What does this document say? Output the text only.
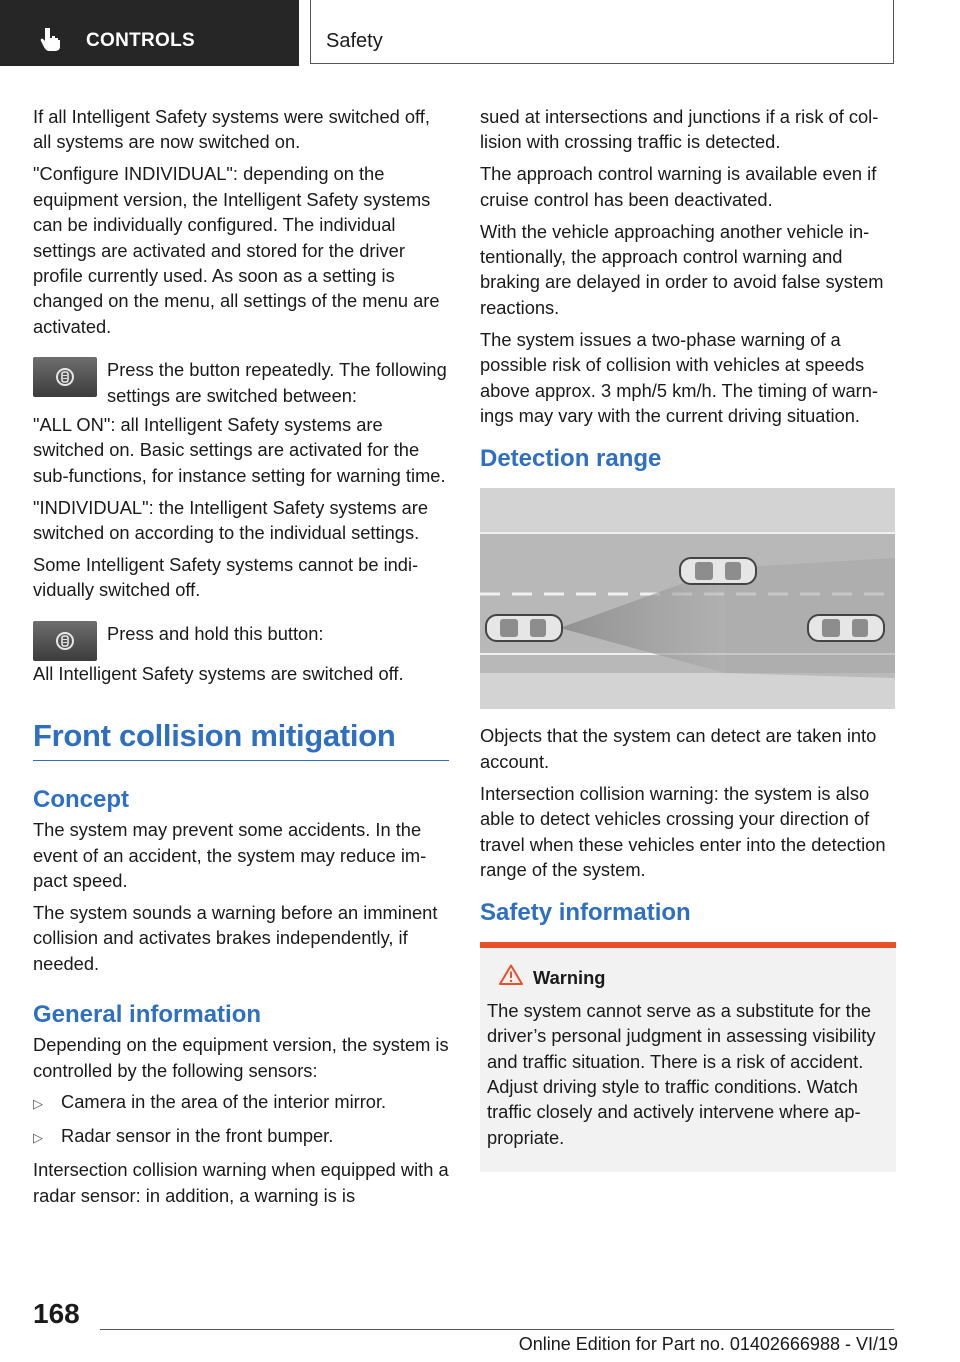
CONTROLS	Safety

If all Intelligent Safety systems were switched off, all systems are now switched on.

"Configure INDIVIDUAL": depending on the equipment version, the Intelligent Safety systems can be individually configured. The individual settings are activated and stored for the driver profile currently used. As soon as a setting is changed on the menu, all settings of the menu are activated.

Press the button repeatedly. The following settings are switched between:

"ALL ON": all Intelligent Safety systems are switched on. Basic settings are activated for the sub-functions, for instance setting for warning time.

"INDIVIDUAL": the Intelligent Safety systems are switched on according to the individual settings.

Some Intelligent Safety systems cannot be individually switched off.

Press and hold this button:

All Intelligent Safety systems are switched off.

Front collision mitigation
Concept

The system may prevent some accidents. In the event of an accident, the system may reduce impact speed.

The system sounds a warning before an imminent collision and activates brakes independently, if needed.

General information

Depending on the equipment version, the system is controlled by the following sensors:

▷ Camera in the area of the interior mirror.
▷ Radar sensor in the front bumper.

Intersection collision warning when equipped with a radar sensor: in addition, a warning is is

sued at intersections and junctions if a risk of collision with crossing traffic is detected.

The approach control warning is available even if cruise control has been deactivated.

With the vehicle approaching another vehicle intentionally, the approach control warning and braking are delayed in order to avoid false system reactions.

The system issues a two-phase warning of a possible risk of collision with vehicles at speeds above approx. 3 mph/5 km/h. The timing of warnings may vary with the current driving situation.

Detection range

Objects that the system can detect are taken into account.

Intersection collision warning: the system is also able to detect vehicles crossing your direction of travel when these vehicles enter into the detection range of the system.

Safety information
Warning

The system cannot serve as a substitute for the driver’s personal judgment in assessing visibility and traffic situation. There is a risk of accident. Adjust driving style to traffic conditions. Watch traffic closely and actively intervene where appropriate.

168
Online Edition for Part no. 01402666988 - VI/19
